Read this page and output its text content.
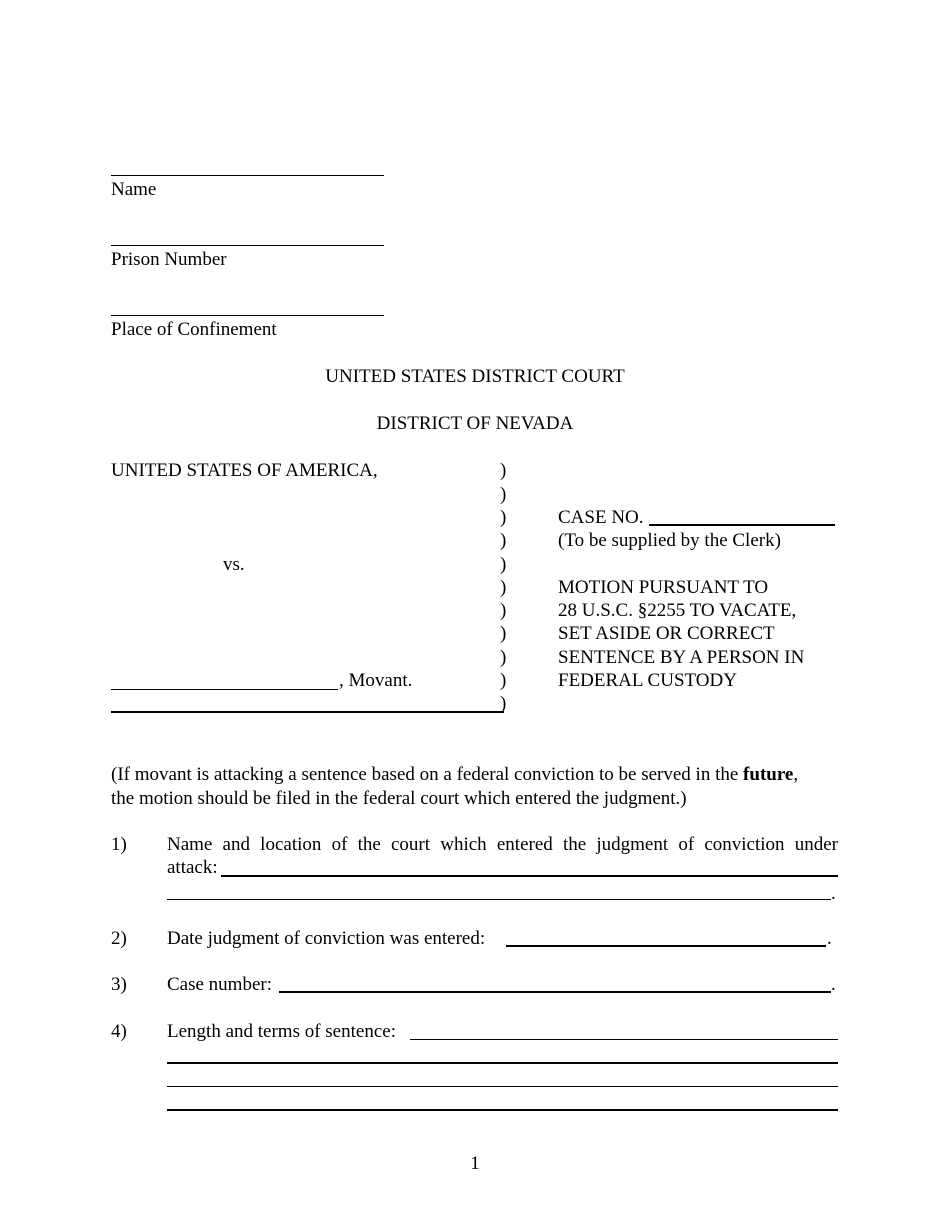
Name
Prison Number
Place of Confinement
UNITED STATES DISTRICT COURT
DISTRICT OF NEVADA
UNITED STATES OF AMERICA,
vs.
, Movant.
)
)
)
)
)
)
)
)
)
)
)
CASE NO.
(To be supplied by the Clerk)
MOTION PURSUANT TO
28 U.S.C. §2255 TO VACATE,
SET ASIDE OR CORRECT
SENTENCE BY A PERSON IN
FEDERAL CUSTODY
(If movant is attacking a sentence based on a federal conviction to be served in the future,
the motion should be filed in the federal court which entered the judgment.)
1) Name and location of the court which entered the judgment of conviction under
attack:
.
2) Date judgment of conviction was entered:	.
3) Case number:	.
4) Length and terms of sentence:
1
